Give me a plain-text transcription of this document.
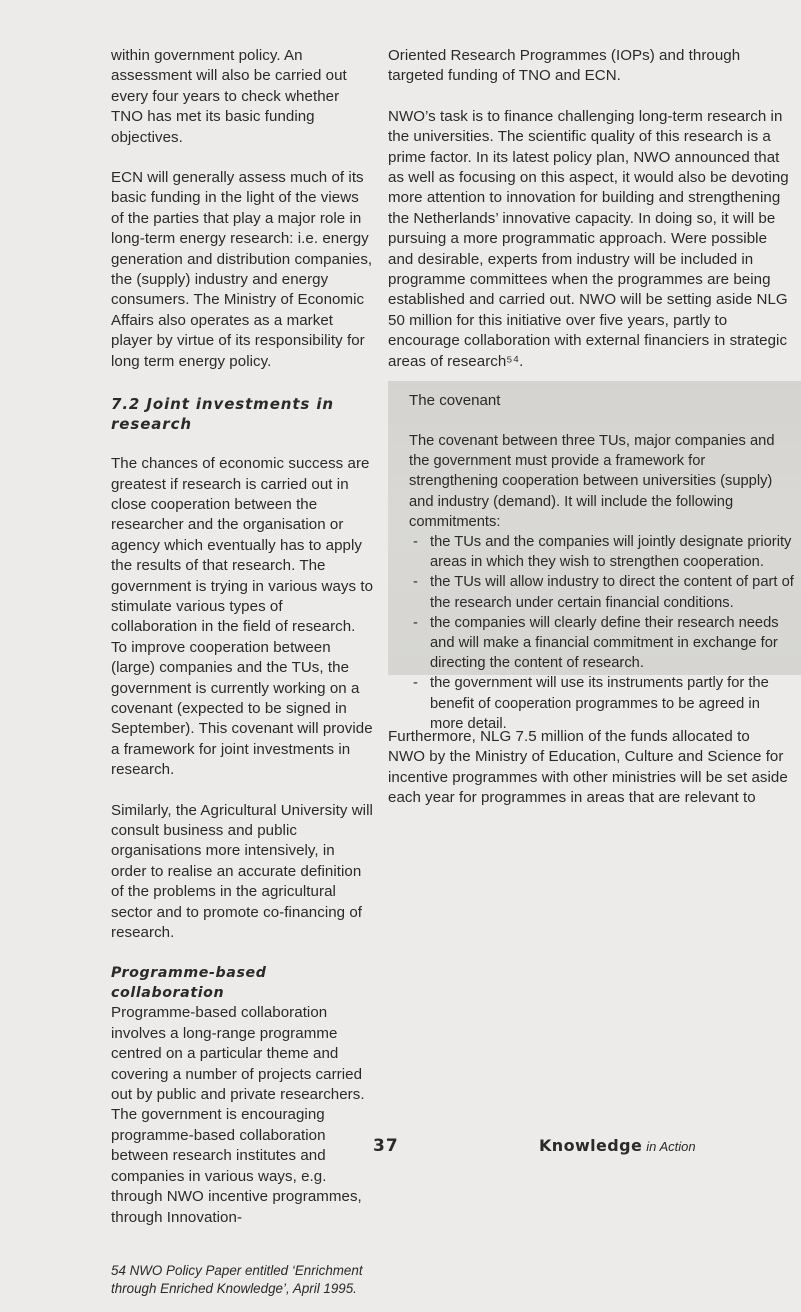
within government policy. An assessment will also be carried out every four years to check whether TNO has met its basic funding objectives.

ECN will generally assess much of its basic funding in the light of the views of the parties that play a major role in long-term energy research: i.e. energy generation and distribution companies, the (supply) industry and energy consumers. The Ministry of Economic Affairs also operates as a market player by virtue of its responsibility for long term energy policy.

7.2 Joint investments in research

The chances of economic success are greatest if research is carried out in close cooperation between the researcher and the organisation or agency which eventually has to apply the results of that research. The government is trying in various ways to stimulate various types of collaboration in the field of research. To improve cooperation between (large) companies and the TUs, the government is currently working on a covenant (expected to be signed in September). This covenant will provide a framework for joint investments in research.

Similarly, the Agricultural University will consult business and public organisations more intensively, in order to realise an accurate definition of the problems in the agricultural sector and to promote co-financing of research.

Programme-based collaboration

Programme-based collaboration involves a long-range programme centred on a particular theme and covering a number of projects carried out by public and private researchers. The government is encouraging programme-based collaboration between research institutes and companies in various ways, e.g. through NWO incentive programmes, through Innovation-

54 NWO Policy Paper entitled ‘Enrichment through Enriched Knowledge’, April 1995.

Oriented Research Programmes (IOPs) and through targeted funding of TNO and ECN.

NWO’s task is to finance challenging long-term research in the universities. The scientific quality of this research is a prime factor. In its latest policy plan, NWO announced that as well as focusing on this aspect, it would also be devoting more attention to innovation for building and strengthening the Netherlands’ innovative capacity. In doing so, it will be pursuing a more programmatic approach. Were possible and desirable, experts from industry will be included in programme committees when the programmes are being established and carried out. NWO will be setting aside NLG 50 million for this initiative over five years, partly to encourage collaboration with external financiers in strategic areas of research⁵⁴.

The covenant

The covenant between three TUs, major companies and the government must provide a framework for strengthening cooperation between universities (supply) and industry (demand). It will include the following commitments:

- the TUs and the companies will jointly designate priority areas in which they wish to strengthen cooperation.
- the TUs will allow industry to direct the content of part of the research under certain financial conditions.
- the companies will clearly define their research needs and will make a financial commitment in exchange for directing the content of research.
- the government will use its instruments partly for the benefit of cooperation programmes to be agreed in more detail.

Furthermore, NLG 7.5 million of the funds allocated to NWO by the Ministry of Education, Culture and Science for incentive programmes with other ministries will be set aside each year for programmes in areas that are relevant to

37	Knowledge in Action
